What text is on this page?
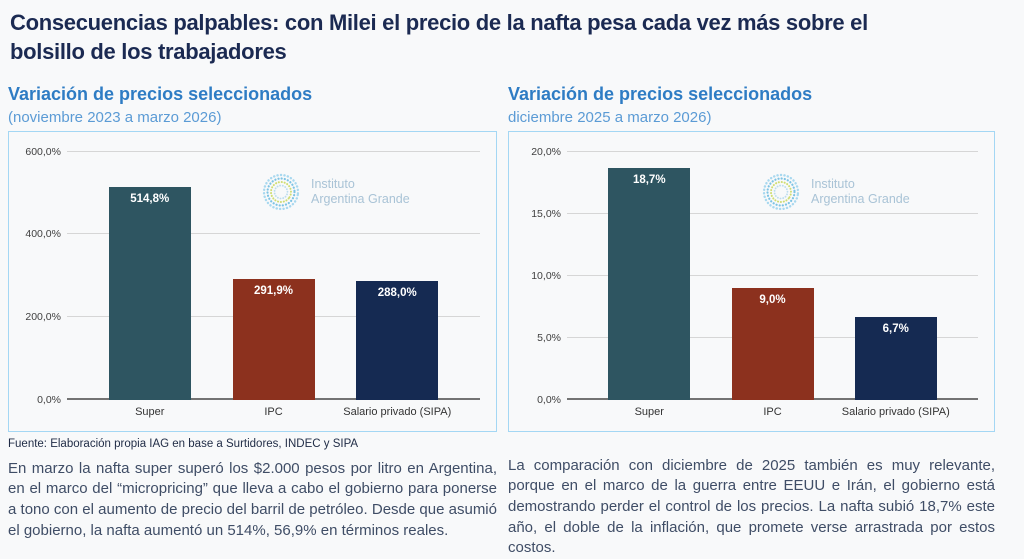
Consecuencias palpables: con Milei el precio de la nafta pesa cada vez más sobre el bolsillo de los trabajadores
Variación de precios seleccionados
(noviembre 2023 a marzo 2026)
0,0%
200,0%
400,0%
600,0%
514,8%
291,9%	288,0%
Super	IPC	Salario privado (SIPA)
Instituto
Argentina Grande
Fuente: Elaboración propia IAG en base a Surtidores, INDEC y SIPA

En marzo la nafta super superó los $2.000 pesos por litro en Argentina, en el marco del “micropricing” que lleva a cabo el gobierno para ponerse a tono con el aumento de precio del barril de petróleo. Desde que asumió el gobierno, la nafta aumentó un 514%, 56,9% en términos reales.

Variación de precios seleccionados
diciembre 2025 a marzo 2026)
0,0%
5,0%
10,0%
15,0%
20,0%
18,7%
9,0%
6,7%
Super	IPC	Salario privado (SIPA)
Instituto
Argentina Grande

La comparación con diciembre de 2025 también es muy relevante, porque en el marco de la guerra entre EEUU e Irán, el gobierno está demostrando perder el control de los precios. La nafta subió 18,7% este año, el doble de la inflación, que promete verse arrastrada por estos costos.
